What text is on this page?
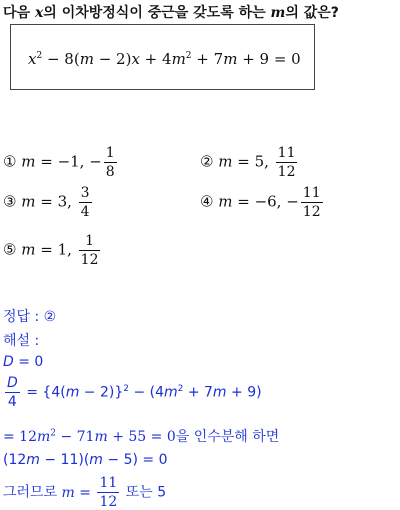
다음 x의 이차방정식이 중근을 갖도록 하는 m의 값은?
$x^2 - 8(m - 2)x + 4m^2 + 7m + 9 = 0$
① m = −1, − $\frac{1}{8}$	② m = 5, $\frac{11}{12}$
③ m = 3, $\frac{3}{4}$	④ m = −6, − $\frac{11}{12}$
⑤ m = 1, $\frac{1}{12}$
정답 : ②
해설 :
D = 0
$\frac{D}{4} = \{4(m - 2)\}^2 - (4m^2 + 7m + 9)$
= $12m^2 - 71m + 55 = 0$을 인수분해 하면
(12m − 11)(m − 5) = 0
그러므로 $m = \frac{11}{12}$ 또는 5
